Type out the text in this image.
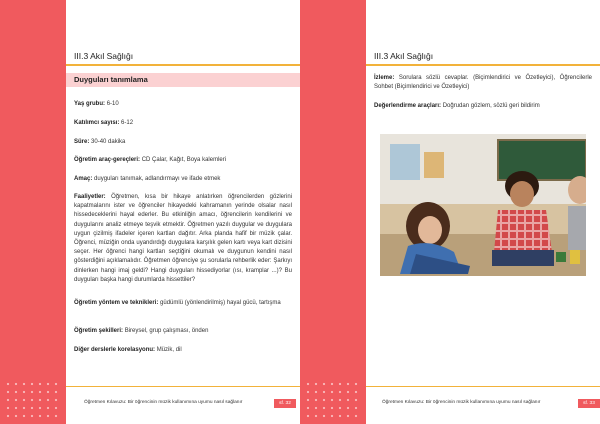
III.3 Akıl Sağlığı
Duyguları tanımlama
Yaş grubu: 6-10
Katılımcı sayısı: 6-12
Süre: 30-40 dakika
Öğretim araç-gereçleri: CD Çalar, Kağıt, Boya kalemleri
Amaç: duyguları tanımak, adlandırmayı ve ifade etmek
Faaliyetler: Öğretmen, kısa bir hikaye anlatırken öğrencilerden gözlerini kapatmalarını ister ve öğrenciler hikayedeki kahramanın yerinde olsalar nasıl hissedeceklerini hayal ederler. Bu etkinliğin amacı, öğrencilerin kendilerini ve duygularını analiz etmeye teşvik etmektir. Öğretmen yazılı duygular ve duygulara uygun çizilmiş ifadeler içeren kartları dağıtır. Arka planda hafif bir müzik çalar. Öğrenci, müziğin onda uyandırdığı duygulara karşılık gelen kartı veya kart dizisini seçer. Her öğrenci hangi kartları seçtiğini okumalı ve duygunun kendini nasıl gösterdiğini açıklamalıdır. Öğretmen öğrenciye şu sorularla rehberlik eder: Şarkıyı dinlerken hangi imaj geldi? Hangi duyguları hissediyorlar (ısı, kramplar ...)? Bu duyguları başka hangi durumlarda hissettiler?
Öğretim yöntem ve teknikleri: güdümlü (yönlendirilmiş) hayal gücü, tartışma
Öğretim şekilleri: Bireysel, grup çalışması, önden
Diğer derslerle korelasyonu: Müzik, dil
Öğretmen Kılavuzu: Bir öğrencinin müzik kullanımına uyumu nasıl sağlanır	sf. 32
III.3 Akıl Sağlığı
İzleme: Sorulara sözlü cevaplar. (Biçimlendirici ve Özetleyici), Öğrencilerle Sohbet (Biçimlendirici ve Özetleyici)
Değerlendirme araçları: Doğrudan gözlem, sözlü geri bildirim
Öğretmen Kılavuzu: Bir öğrencinin müzik kullanımına uyumu nasıl sağlanır	sf. 33
